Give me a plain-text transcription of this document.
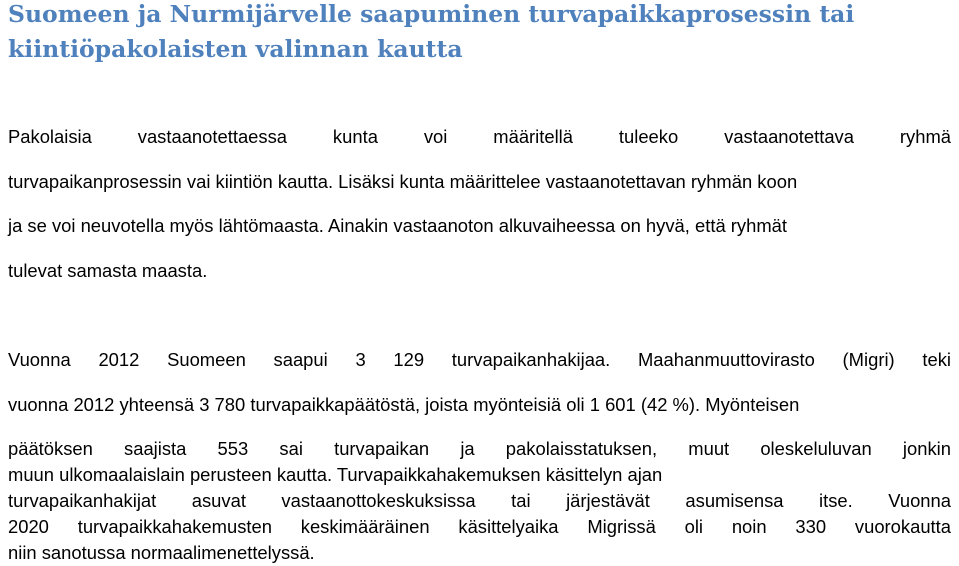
Suomeen ja Nurmijärvelle saapuminen turvapaikkaprosessin tai
kiintiöpakolaisten valinnan kautta
Pakolaisia vastaanotettaessa kunta voi määritellä tuleeko vastaanotettava ryhmä
turvapaikanprosessin vai kiintiön kautta. Lisäksi kunta määrittelee vastaanotettavan ryhmän koon
ja se voi neuvotella myös lähtömaasta. Ainakin vastaanoton alkuvaiheessa on hyvä, että ryhmät
tulevat samasta maasta.
Vuonna 2012 Suomeen saapui 3 129 turvapaikanhakijaa. Maahanmuuttovirasto (Migri) teki
vuonna 2012 yhteensä 3 780 turvapaikkapäätöstä, joista myönteisiä oli 1 601 (42 %). Myönteisen
päätöksen saajista 553 sai turvapaikan ja pakolaisstatuksen, muut oleskeluluvan jonkin
muun ulkomaalaislain perusteen kautta. Turvapaikkahakemuksen käsittelyn ajan
turvapaikanhakijat asuvat vastaanottokeskuksissa tai järjestävät asumisensa itse. Vuonna
2020 turvapaikkahakemusten keskimääräinen käsittelyaika Migrissä oli noin 330 vuorokautta
niin sanotussa normaalimenettelyssä.
